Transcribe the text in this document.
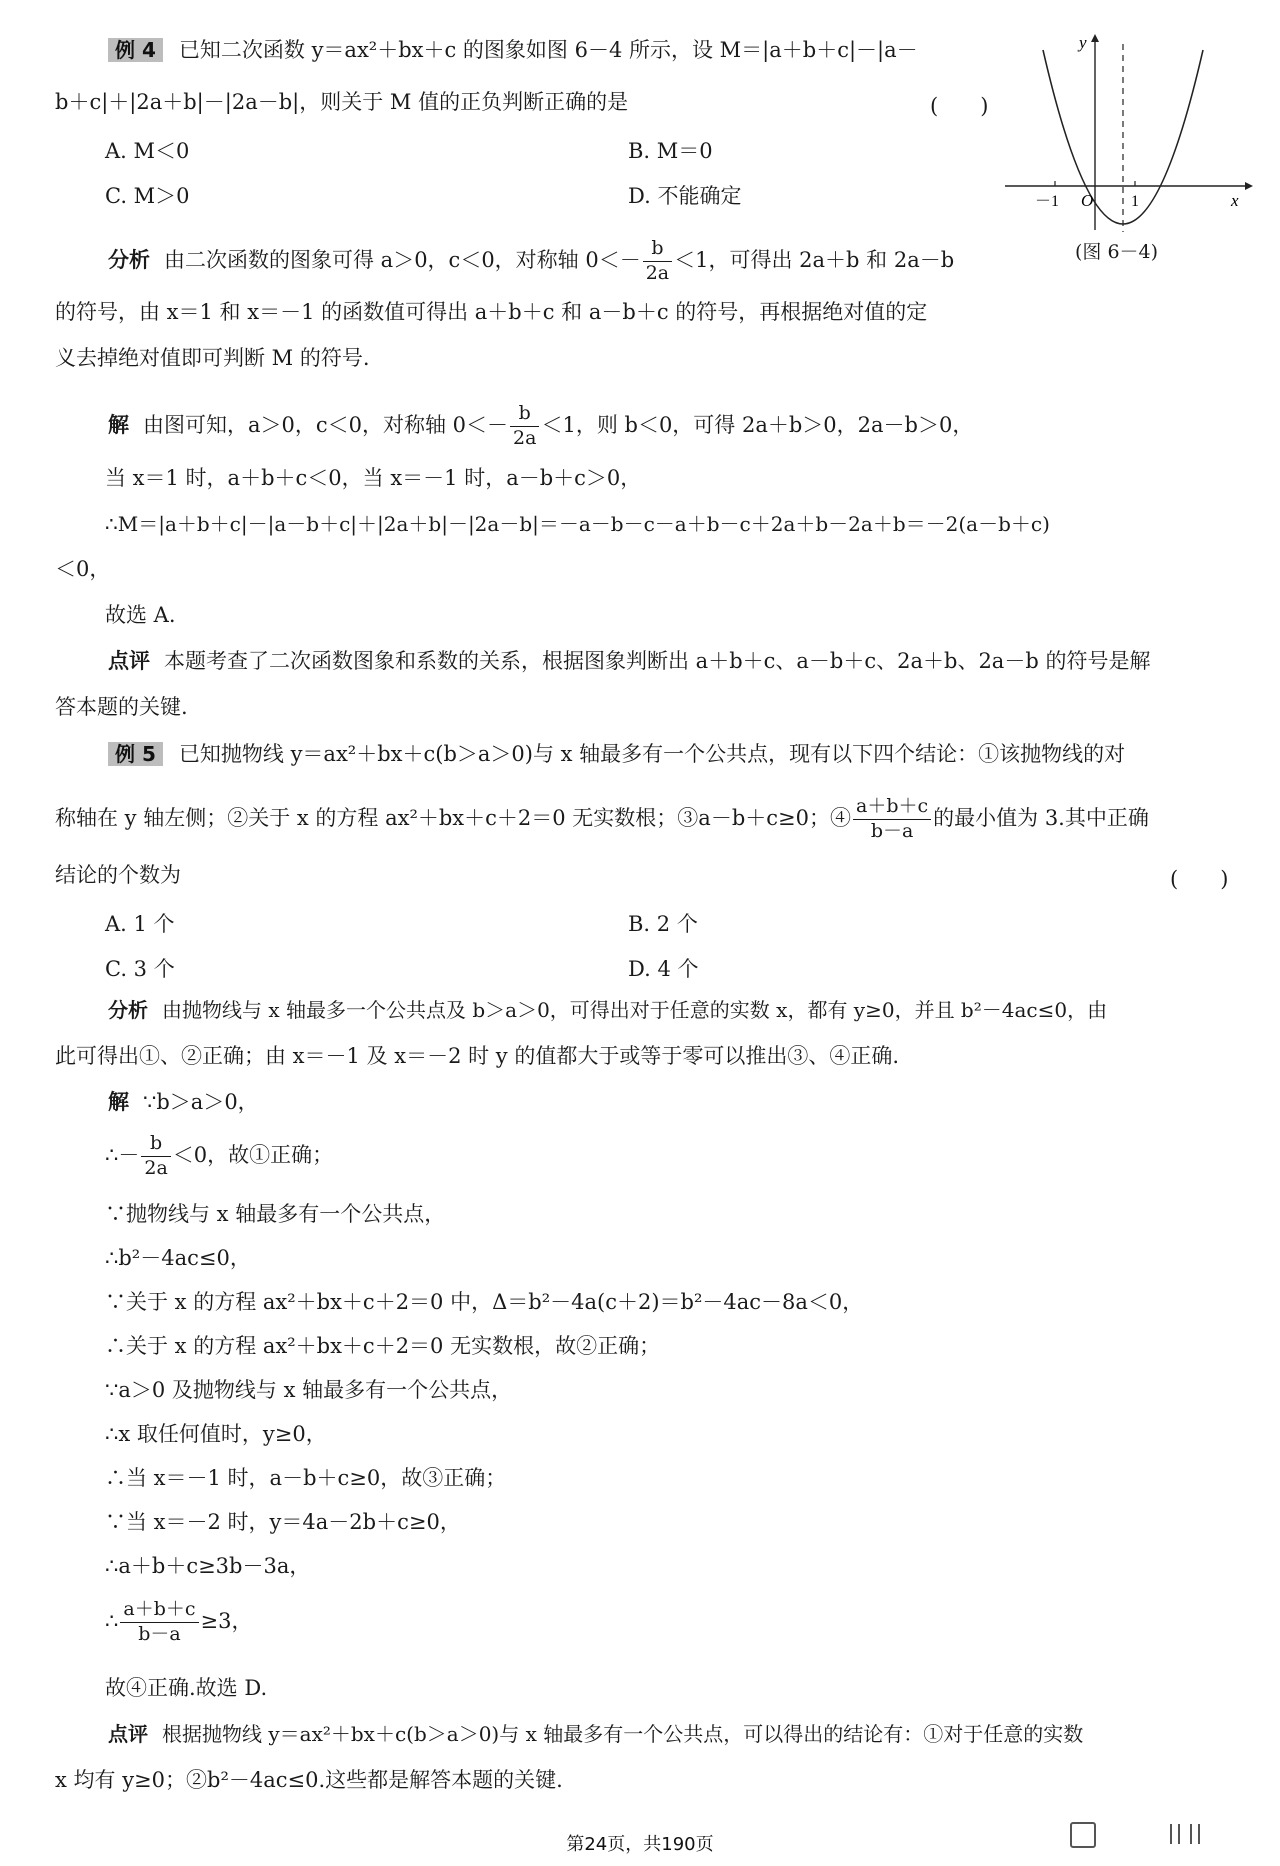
例 4 已知二次函数 y＝ax²＋bx＋c 的图象如图 6－4 所示，设 M＝|a＋b＋c|－|a－
b＋c|＋|2a＋b|－|2a－b|，则关于 M 值的正负判断正确的是	(　　)
A. M＜0	B. M＝0
C. M＞0	D. 不能确定	x
y
O
－1	1
(图 6－4)
分析 由二次函数的图象可得 a＞0，c＜0，对称轴 $0<- \frac{b}{2a} <1$，可得出 2a＋b 和 2a－b
的符号，由 x＝1 和 x＝－1 的函数值可得出 a＋b＋c 和 a－b＋c 的符号，再根据绝对值的定
义去掉绝对值即可判断 M 的符号.
解 由图可知，a＞0，c＜0，对称轴 $0<- \frac{b}{2a} <1$，则 b＜0，可得 2a＋b＞0，2a－b＞0，
当 x＝1 时，a＋b＋c＜0，当 x＝－1 时，a－b＋c＞0，
∴M＝|a＋b＋c|－|a－b＋c|＋|2a＋b|－|2a－b|＝－a－b－c－a＋b－c＋2a＋b－2a＋b＝－2(a－b＋c)
＜0，
故选 A.
点评 本题考查了二次函数图象和系数的关系，根据图象判断出 a＋b＋c、a－b＋c、2a＋b、2a－b 的符号是解
答本题的关键.
例 5 已知抛物线 y＝ax²＋bx＋c(b＞a＞0)与 x 轴最多有一个公共点，现有以下四个结论：①该抛物线的对
称轴在 y 轴左侧；②关于 x 的方程 ax²＋bx＋c＋2＝0 无实数根；③a－b＋c≥0；④ $\frac{a+b+c}{b-a}$ 的最小值为 3.其中正确
结论的个数为	(　　)
A. 1 个	B. 2 个
C. 3 个	D. 4 个
分析 由抛物线与 x 轴最多一个公共点及 b＞a＞0，可得出对于任意的实数 x，都有 y≥0，并且 b²－4ac≤0，由
此可得出①、②正确；由 x＝－1 及 x＝－2 时 y 的值都大于或等于零可以推出③、④正确.
解 ∵b＞a＞0，
∴－ $\frac{b}{2a} <0$，故①正确；
∵抛物线与 x 轴最多有一个公共点，
∴b²－4ac≤0，
∵关于 x 的方程 ax²＋bx＋c＋2＝0 中，Δ＝b²－4a(c＋2)＝b²－4ac－8a＜0，
∴关于 x 的方程 ax²＋bx＋c＋2＝0 无实数根，故②正确；
∵a＞0 及抛物线与 x 轴最多有一个公共点，
∴x 取任何值时，y≥0，
∴当 x＝－1 时，a－b＋c≥0，故③正确；
∵当 x＝－2 时，y＝4a－2b＋c≥0，
∴a＋b＋c≥3b－3a，
∴ $\frac{a+b+c}{b-a} \ge 3$，
故④正确.故选 D.
点评 根据抛物线 y＝ax²＋bx＋c(b＞a＞0)与 x 轴最多有一个公共点，可以得出的结论有：①对于任意的实数
x 均有 y≥0；②b²－4ac≤0.这些都是解答本题的关键.
第24页，共190页
